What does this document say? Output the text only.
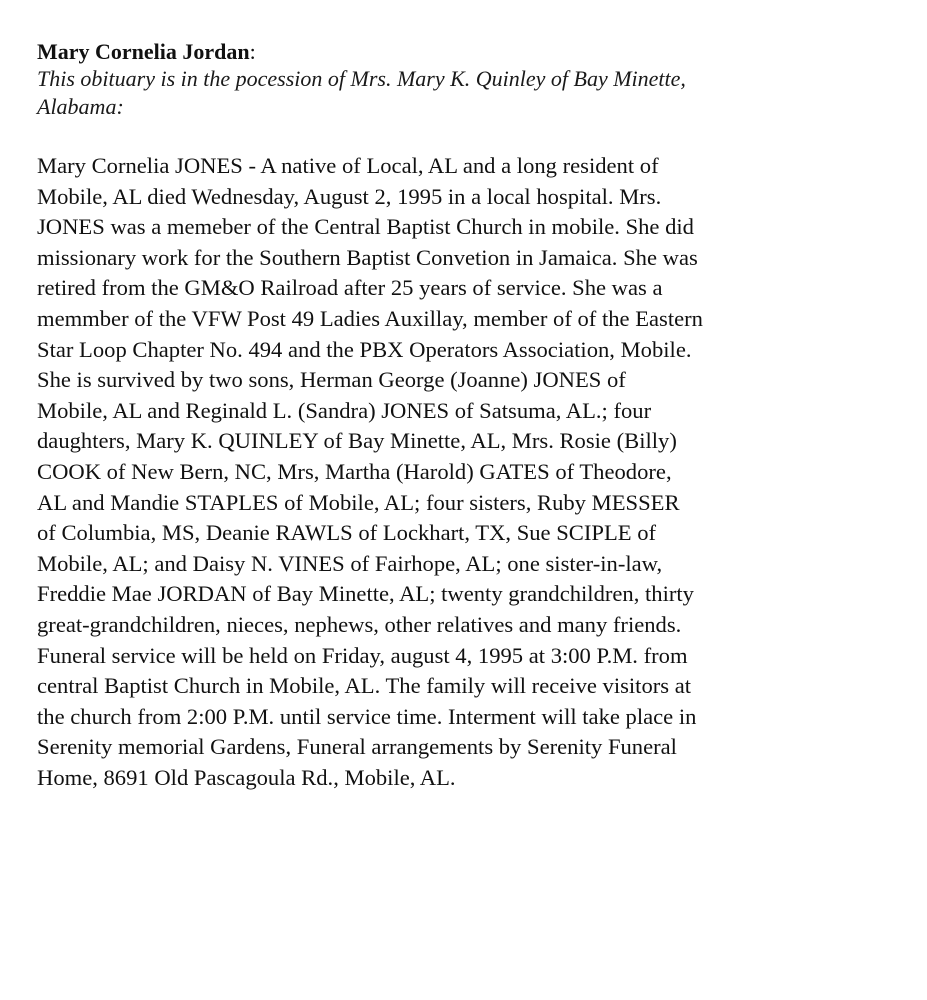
Mary Cornelia Jordan:

This obituary is in the pocession of Mrs. Mary K. Quinley of Bay Minette,
Alabama:

Mary Cornelia JONES - A native of Local, AL and a long resident of
Mobile, AL died Wednesday, August 2, 1995 in a local hospital. Mrs.
JONES was a memeber of the Central Baptist Church in mobile. She did
missionary work for the Southern Baptist Convetion in Jamaica. She was
retired from the GM&O Railroad after 25 years of service. She was a
memmber of the VFW Post 49 Ladies Auxillay, member of of the Eastern
Star Loop Chapter No. 494 and the PBX Operators Association, Mobile.
She is survived by two sons, Herman George (Joanne) JONES of
Mobile, AL and Reginald L. (Sandra) JONES of Satsuma, AL.; four
daughters, Mary K. QUINLEY of Bay Minette, AL, Mrs. Rosie (Billy)
COOK of New Bern, NC, Mrs, Martha (Harold) GATES of Theodore,
AL and Mandie STAPLES of Mobile, AL; four sisters, Ruby MESSER
of Columbia, MS, Deanie RAWLS of Lockhart, TX, Sue SCIPLE of
Mobile, AL; and Daisy N. VINES of Fairhope, AL; one sister-in-law,
Freddie Mae JORDAN of Bay Minette, AL; twenty grandchildren, thirty
great-grandchildren, nieces, nephews, other relatives and many friends.
Funeral service will be held on Friday, august 4, 1995 at 3:00 P.M. from
central Baptist Church in Mobile, AL. The family will receive visitors at
the church from 2:00 P.M. until service time. Interment will take place in
Serenity memorial Gardens, Funeral arrangements by Serenity Funeral
Home, 8691 Old Pascagoula Rd., Mobile, AL.
